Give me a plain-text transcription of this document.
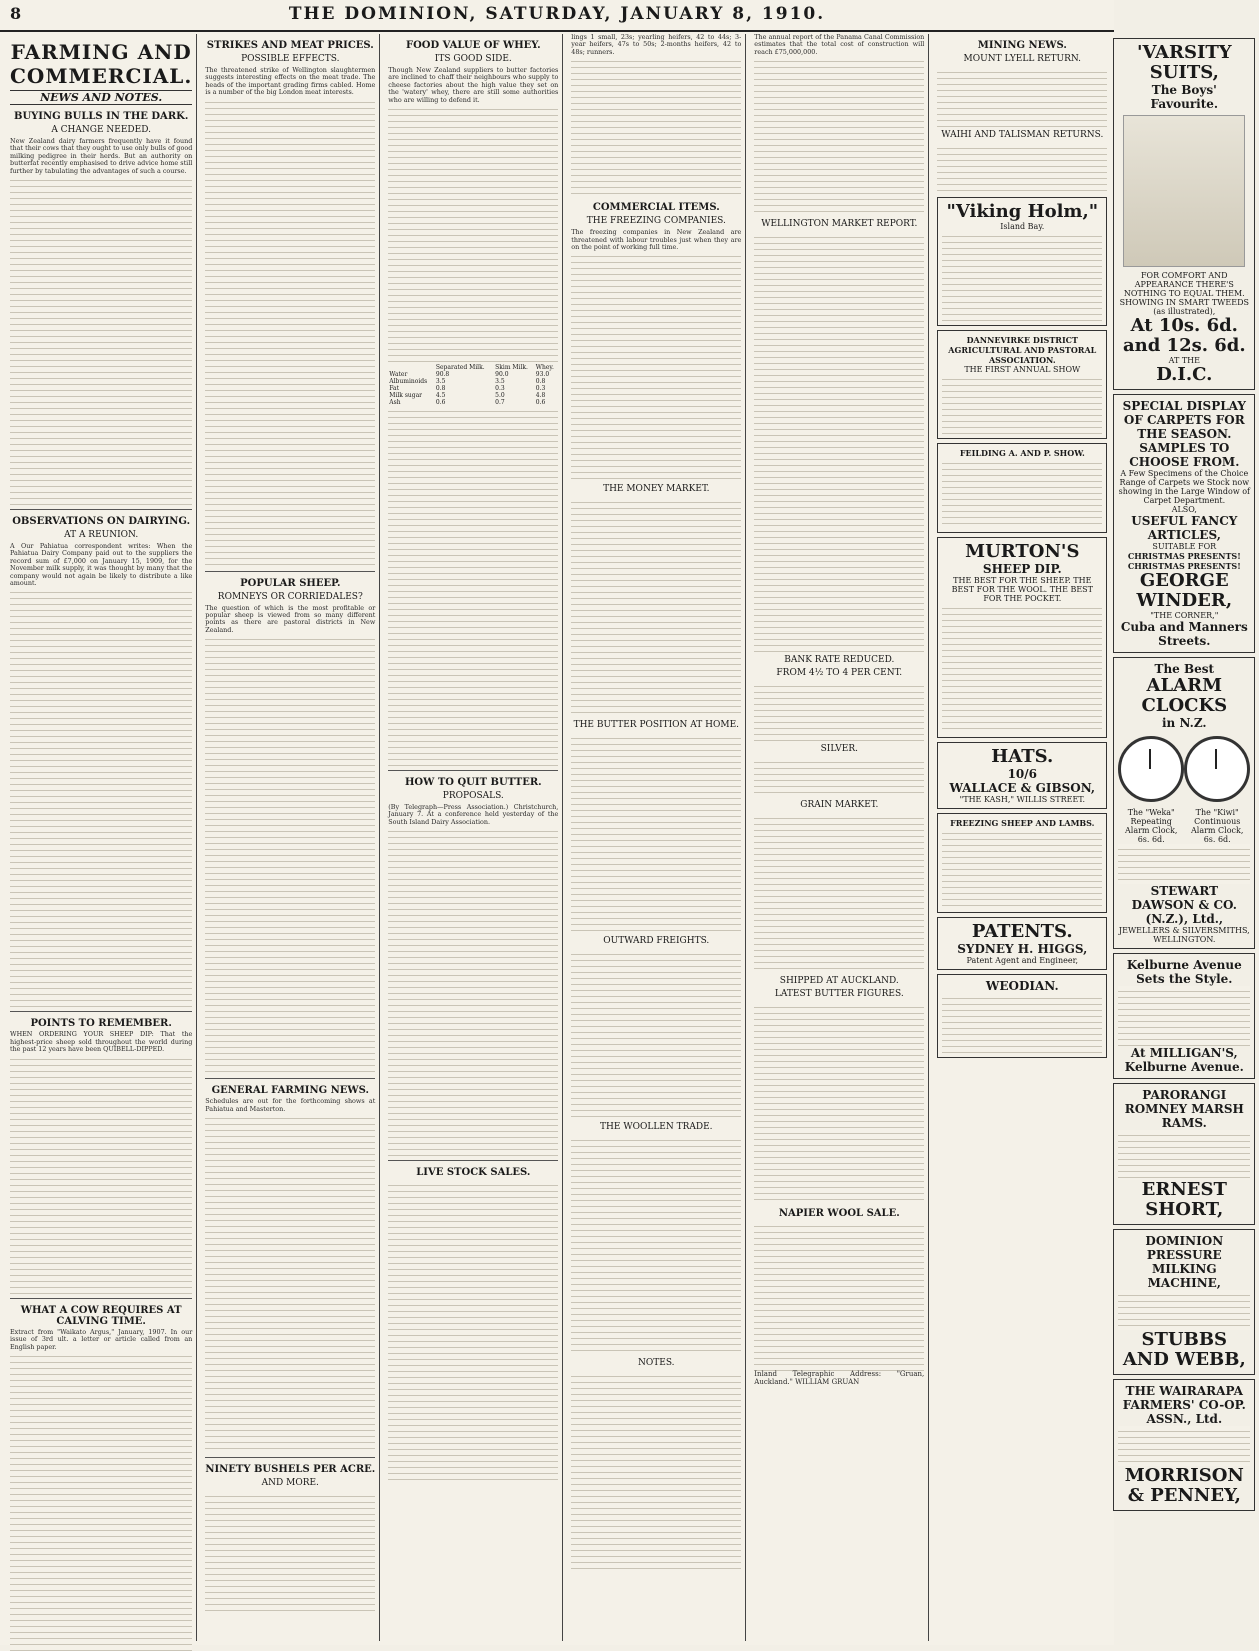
8	THE DOMINION, SATURDAY, JANUARY 8, 1910.
FARMING AND COMMERCIAL.
NEWS AND NOTES.
BUYING BULLS IN THE DARK.
A CHANGE NEEDED.
New Zealand dairy farmers frequently have it found that their cows that they ought to use only bulls of good milking pedigree in their herds. But an authority on butterfat recently emphasised to drive advice home still further by tabulating the advantages of such a course.
OBSERVATIONS ON DAIRYING.
AT A REUNION.
A Our Pahiatua correspondent writes: When the Pahiatua Dairy Company paid out to the suppliers the record sum of £7,000 on January 15, 1909, for the November milk supply, it was thought by many that the company would not again be likely to distribute a like amount.
POINTS TO REMEMBER.
WHEN ORDERING YOUR SHEEP DIP: That the highest-price sheep sold throughout the world during the past 12 years have been QUIBELL-DIPPED.
WHAT A COW REQUIRES AT CALVING TIME.
Extract from "Waikato Argus," January, 1907. In our issue of 3rd ult. a letter or article called from an English paper.
STRIKES AND MEAT PRICES.
POSSIBLE EFFECTS.
The threatened strike of Wellington slaughtermen suggests interesting effects on the meat trade. The heads of the important grading firms cabled. Home is a number of the big London meat interests.
POPULAR SHEEP.
ROMNEYS OR CORRIEDALES?
The question of which is the most profitable or popular sheep is viewed from so many different points as there are pastoral districts in New Zealand.
GENERAL FARMING NEWS.
Schedules are out for the forthcoming shows at Pahiatua and Masterton.
NINETY BUSHELS PER ACRE.
AND MORE.
FOOD VALUE OF WHEY.
ITS GOOD SIDE.
Though New Zealand suppliers to butter factories are inclined to chaff their neighbours who supply to cheese factories about the high value they set on the 'watery' whey, there are still some authorities who are willing to defend it.
	Separated Milk.	Skim Milk.	Whey.
Water	90.8	90.0	93.0
Albuminoids	3.5	3.5	0.8
Fat	0.8	0.3	0.3
Milk sugar	4.5	5.0	4.8
Ash	0.6	0.7	0.6
HOW TO QUIT BUTTER.
PROPOSALS.
(By Telegraph—Press Association.) Christchurch, January 7. At a conference held yesterday of the South Island Dairy Association.
LIVE STOCK SALES.
lings 1 small, 23s; yearling heifers, 42 to 44s; 3-year heifers, 47s to 50s; 2-months heifers, 42 to 48s; runners.
COMMERCIAL ITEMS.
THE FREEZING COMPANIES.
The freezing companies in New Zealand are threatened with labour troubles just when they are on the point of working full time.
THE MONEY MARKET.
THE BUTTER POSITION AT HOME.
OUTWARD FREIGHTS.
THE WOOLLEN TRADE.
NOTES.
The annual report of the Panama Canal Commission estimates that the total cost of construction will reach £75,000,000.
WELLINGTON MARKET REPORT.
BANK RATE REDUCED.
FROM 4½ TO 4 PER CENT.
SILVER.
GRAIN MARKET.
SHIPPED AT AUCKLAND.
LATEST BUTTER FIGURES.
NAPIER WOOL SALE.
Inland Telegraphic Address: "Gruan, Auckland." WILLIAM GRUAN
MINING NEWS.
MOUNT LYELL RETURN.
WAIHI AND TALISMAN RETURNS.
"Viking Holm,"
Island Bay.
DANNEVIRKE DISTRICT AGRICULTURAL AND PASTORAL ASSOCIATION.
THE FIRST ANNUAL SHOW
FEILDING A. AND P. SHOW.
MURTON'S
SHEEP DIP.
THE BEST FOR THE SHEEP. THE BEST FOR THE WOOL. THE BEST FOR THE POCKET.
HATS.
10/6
WALLACE & GIBSON,
"THE KASH," WILLIS STREET.
FREEZING SHEEP AND LAMBS.
PATENTS.
SYDNEY H. HIGGS,
Patent Agent and Engineer,
WEODIAN.
'VARSITY SUITS,
The Boys' Favourite.
FOR COMFORT AND APPEARANCE THERE'S NOTHING TO EQUAL THEM.
SHOWING IN SMART TWEEDS (as illustrated),
At 10s. 6d. and 12s. 6d.
AT THE
D.I.C.
SPECIAL DISPLAY OF CARPETS FOR THE SEASON.
SAMPLES TO CHOOSE FROM.
A Few Specimens of the Choice Range of Carpets we Stock now showing in the Large Window of Carpet Department.
ALSO,
USEFUL FANCY ARTICLES,
SUITABLE FOR
CHRISTMAS PRESENTS! CHRISTMAS PRESENTS!
GEORGE WINDER,
"THE CORNER,"
Cuba and Manners Streets.
The Best
ALARM CLOCKS
in N.Z.
The "Weka" Repeating Alarm Clock, 6s. 6d.
The "Kiwi" Continuous Alarm Clock, 6s. 6d.
STEWART DAWSON & CO. (N.Z.), Ltd.,
JEWELLERS & SILVERSMITHS, WELLINGTON.
Kelburne Avenue Sets the Style.
At MILLIGAN'S, Kelburne Avenue.
PARORANGI ROMNEY MARSH RAMS.
ERNEST SHORT,
DOMINION PRESSURE MILKING MACHINE,
STUBBS AND WEBB,
THE WAIRARAPA FARMERS' CO-OP. ASSN., Ltd.
MORRISON & PENNEY,
